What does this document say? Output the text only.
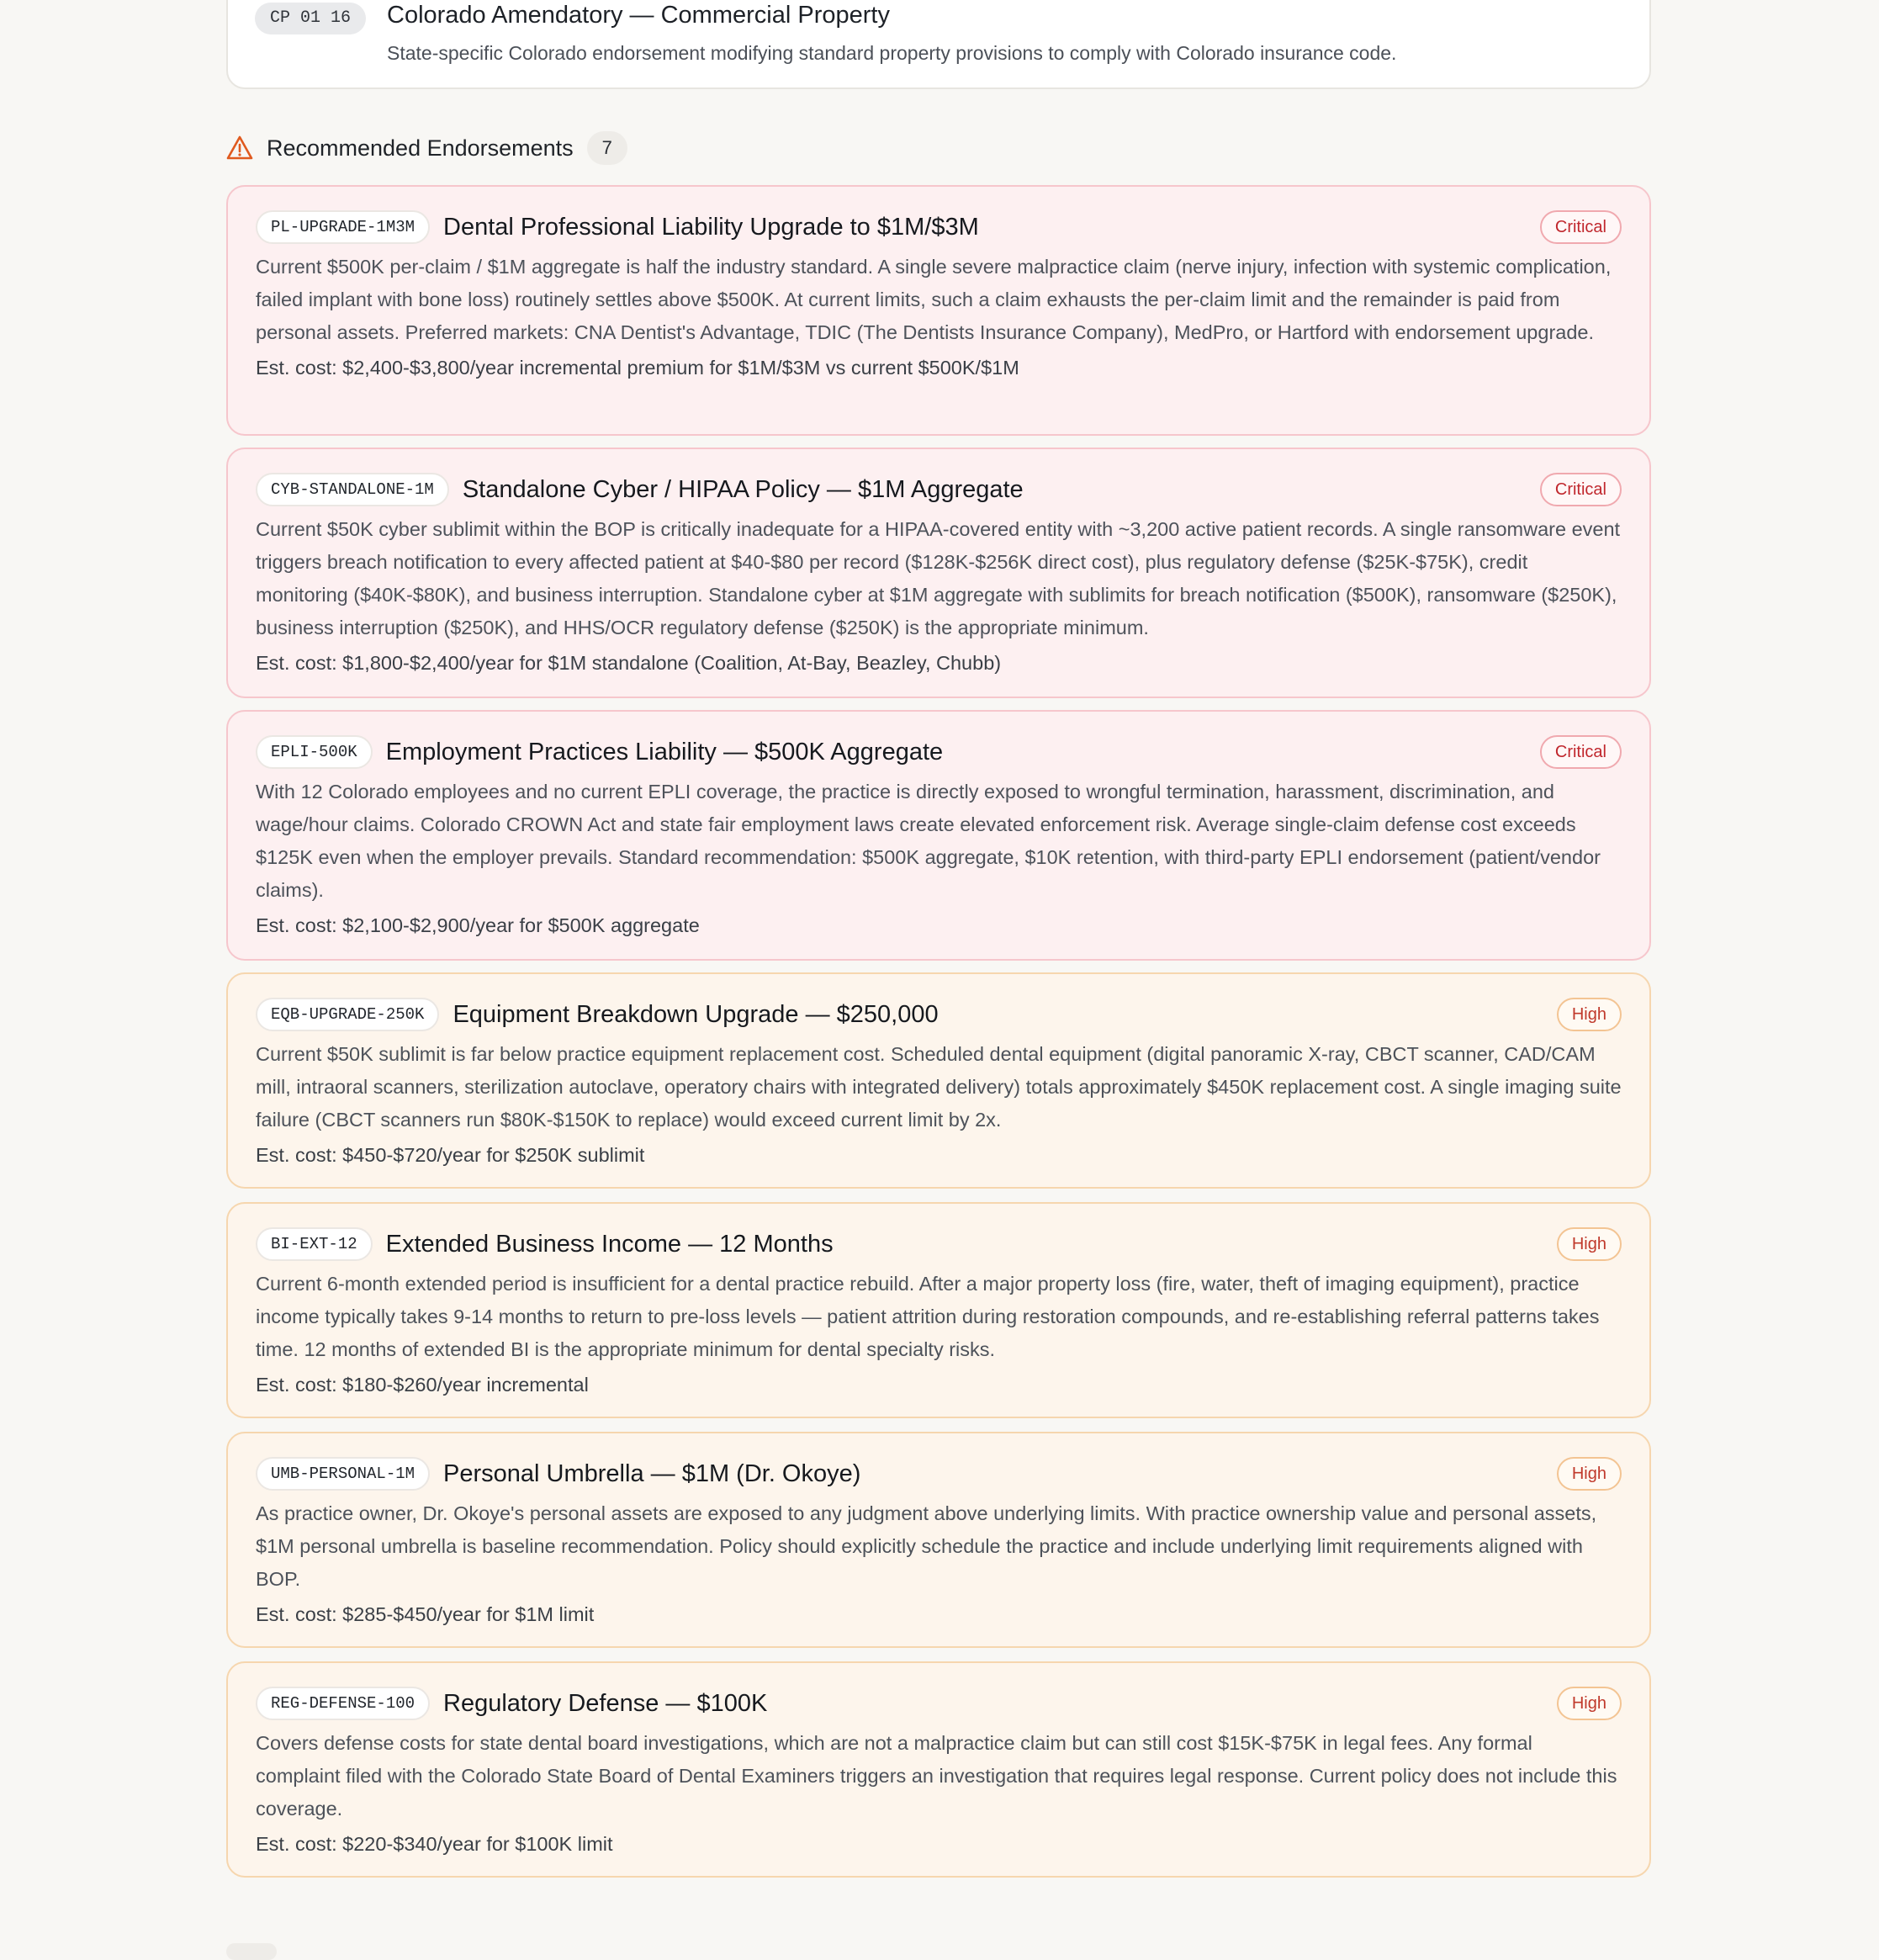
CP 01 16	Colorado Amendatory — Commercial Property
State-specific Colorado endorsement modifying standard property provisions to comply with Colorado insurance code.
Recommended Endorsements	7
PL-UPGRADE-1M3M	Dental Professional Liability Upgrade to $1M/$3M	Critical
Current $500K per-claim / $1M aggregate is half the industry standard. A single severe malpractice claim (nerve injury, infection with systemic complication, failed implant with bone loss) routinely settles above $500K. At current limits, such a claim exhausts the per-claim limit and the remainder is paid from personal assets. Preferred markets: CNA Dentist's Advantage, TDIC (The Dentists Insurance Company), MedPro, or Hartford with endorsement upgrade.
Est. cost: $2,400-$3,800/year incremental premium for $1M/$3M vs current $500K/$1M
CYB-STANDALONE-1M	Standalone Cyber / HIPAA Policy — $1M Aggregate	Critical
Current $50K cyber sublimit within the BOP is critically inadequate for a HIPAA-covered entity with ~3,200 active patient records. A single ransomware event triggers breach notification to every affected patient at $40-$80 per record ($128K-$256K direct cost), plus regulatory defense ($25K-$75K), credit monitoring ($40K-$80K), and business interruption. Standalone cyber at $1M aggregate with sublimits for breach notification ($500K), ransomware ($250K), business interruption ($250K), and HHS/OCR regulatory defense ($250K) is the appropriate minimum.
Est. cost: $1,800-$2,400/year for $1M standalone (Coalition, At-Bay, Beazley, Chubb)
EPLI-500K	Employment Practices Liability — $500K Aggregate	Critical
With 12 Colorado employees and no current EPLI coverage, the practice is directly exposed to wrongful termination, harassment, discrimination, and wage/hour claims. Colorado CROWN Act and state fair employment laws create elevated enforcement risk. Average single-claim defense cost exceeds $125K even when the employer prevails. Standard recommendation: $500K aggregate, $10K retention, with third-party EPLI endorsement (patient/vendor claims).
Est. cost: $2,100-$2,900/year for $500K aggregate
EQB-UPGRADE-250K	Equipment Breakdown Upgrade — $250,000	High
Current $50K sublimit is far below practice equipment replacement cost. Scheduled dental equipment (digital panoramic X-ray, CBCT scanner, CAD/CAM mill, intraoral scanners, sterilization autoclave, operatory chairs with integrated delivery) totals approximately $450K replacement cost. A single imaging suite failure (CBCT scanners run $80K-$150K to replace) would exceed current limit by 2x.
Est. cost: $450-$720/year for $250K sublimit
BI-EXT-12	Extended Business Income — 12 Months	High
Current 6-month extended period is insufficient for a dental practice rebuild. After a major property loss (fire, water, theft of imaging equipment), practice income typically takes 9-14 months to return to pre-loss levels — patient attrition during restoration compounds, and re-establishing referral patterns takes time. 12 months of extended BI is the appropriate minimum for dental specialty risks.
Est. cost: $180-$260/year incremental
UMB-PERSONAL-1M	Personal Umbrella — $1M (Dr. Okoye)	High
As practice owner, Dr. Okoye's personal assets are exposed to any judgment above underlying limits. With practice ownership value and personal assets, $1M personal umbrella is baseline recommendation. Policy should explicitly schedule the practice and include underlying limit requirements aligned with BOP.
Est. cost: $285-$450/year for $1M limit
REG-DEFENSE-100	Regulatory Defense — $100K	High
Covers defense costs for state dental board investigations, which are not a malpractice claim but can still cost $15K-$75K in legal fees. Any formal complaint filed with the Colorado State Board of Dental Examiners triggers an investigation that requires legal response. Current policy does not include this coverage.
Est. cost: $220-$340/year for $100K limit
